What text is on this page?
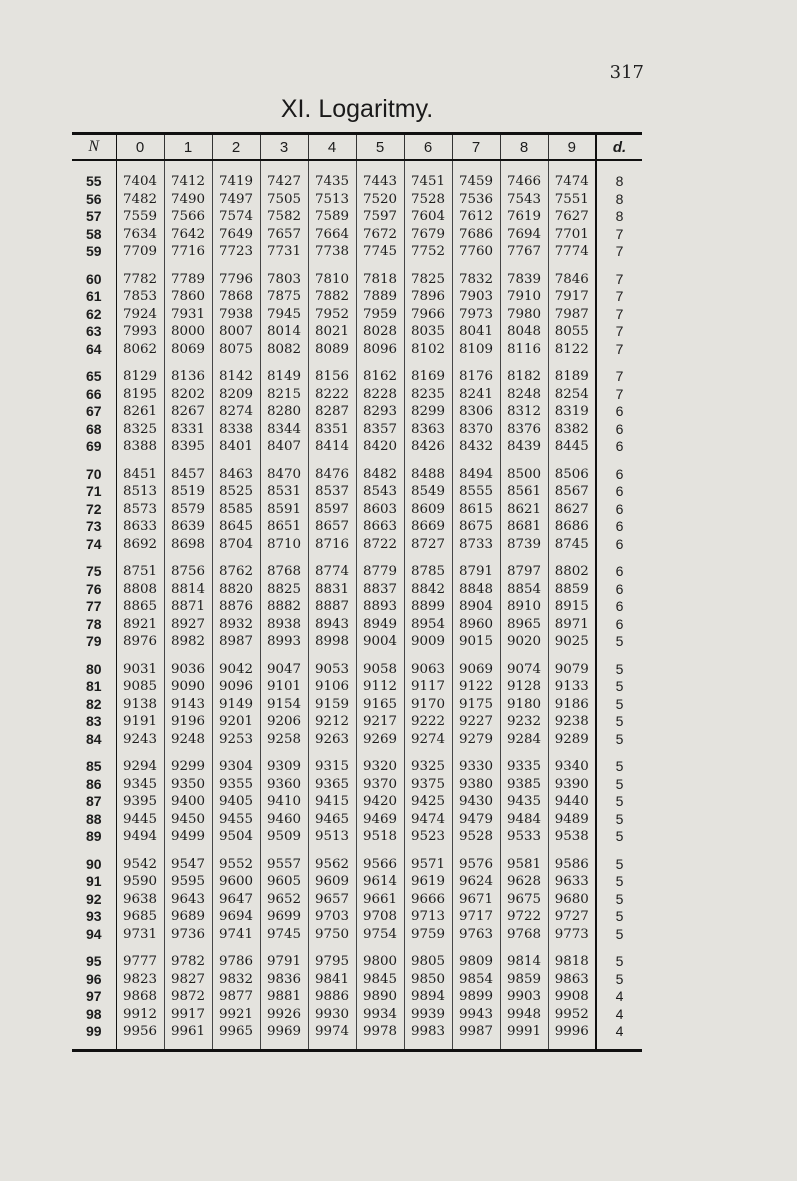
317
XI. Logaritmy.
N	0	1	2	3	4	5	6	7	8	9	d.
55	7404	7412	7419	7427	7435	7443	7451	7459	7466	7474	8
56	7482	7490	7497	7505	7513	7520	7528	7536	7543	7551	8
57	7559	7566	7574	7582	7589	7597	7604	7612	7619	7627	8
58	7634	7642	7649	7657	7664	7672	7679	7686	7694	7701	7
59	7709	7716	7723	7731	7738	7745	7752	7760	7767	7774	7
60	7782	7789	7796	7803	7810	7818	7825	7832	7839	7846	7
61	7853	7860	7868	7875	7882	7889	7896	7903	7910	7917	7
62	7924	7931	7938	7945	7952	7959	7966	7973	7980	7987	7
63	7993	8000	8007	8014	8021	8028	8035	8041	8048	8055	7
64	8062	8069	8075	8082	8089	8096	8102	8109	8116	8122	7
65	8129	8136	8142	8149	8156	8162	8169	8176	8182	8189	7
66	8195	8202	8209	8215	8222	8228	8235	8241	8248	8254	7
67	8261	8267	8274	8280	8287	8293	8299	8306	8312	8319	6
68	8325	8331	8338	8344	8351	8357	8363	8370	8376	8382	6
69	8388	8395	8401	8407	8414	8420	8426	8432	8439	8445	6
70	8451	8457	8463	8470	8476	8482	8488	8494	8500	8506	6
71	8513	8519	8525	8531	8537	8543	8549	8555	8561	8567	6
72	8573	8579	8585	8591	8597	8603	8609	8615	8621	8627	6
73	8633	8639	8645	8651	8657	8663	8669	8675	8681	8686	6
74	8692	8698	8704	8710	8716	8722	8727	8733	8739	8745	6
75	8751	8756	8762	8768	8774	8779	8785	8791	8797	8802	6
76	8808	8814	8820	8825	8831	8837	8842	8848	8854	8859	6
77	8865	8871	8876	8882	8887	8893	8899	8904	8910	8915	6
78	8921	8927	8932	8938	8943	8949	8954	8960	8965	8971	6
79	8976	8982	8987	8993	8998	9004	9009	9015	9020	9025	5
80	9031	9036	9042	9047	9053	9058	9063	9069	9074	9079	5
81	9085	9090	9096	9101	9106	9112	9117	9122	9128	9133	5
82	9138	9143	9149	9154	9159	9165	9170	9175	9180	9186	5
83	9191	9196	9201	9206	9212	9217	9222	9227	9232	9238	5
84	9243	9248	9253	9258	9263	9269	9274	9279	9284	9289	5
85	9294	9299	9304	9309	9315	9320	9325	9330	9335	9340	5
86	9345	9350	9355	9360	9365	9370	9375	9380	9385	9390	5
87	9395	9400	9405	9410	9415	9420	9425	9430	9435	9440	5
88	9445	9450	9455	9460	9465	9469	9474	9479	9484	9489	5
89	9494	9499	9504	9509	9513	9518	9523	9528	9533	9538	5
90	9542	9547	9552	9557	9562	9566	9571	9576	9581	9586	5
91	9590	9595	9600	9605	9609	9614	9619	9624	9628	9633	5
92	9638	9643	9647	9652	9657	9661	9666	9671	9675	9680	5
93	9685	9689	9694	9699	9703	9708	9713	9717	9722	9727	5
94	9731	9736	9741	9745	9750	9754	9759	9763	9768	9773	5
95	9777	9782	9786	9791	9795	9800	9805	9809	9814	9818	5
96	9823	9827	9832	9836	9841	9845	9850	9854	9859	9863	5
97	9868	9872	9877	9881	9886	9890	9894	9899	9903	9908	4
98	9912	9917	9921	9926	9930	9934	9939	9943	9948	9952	4
99	9956	9961	9965	9969	9974	9978	9983	9987	9991	9996	4
